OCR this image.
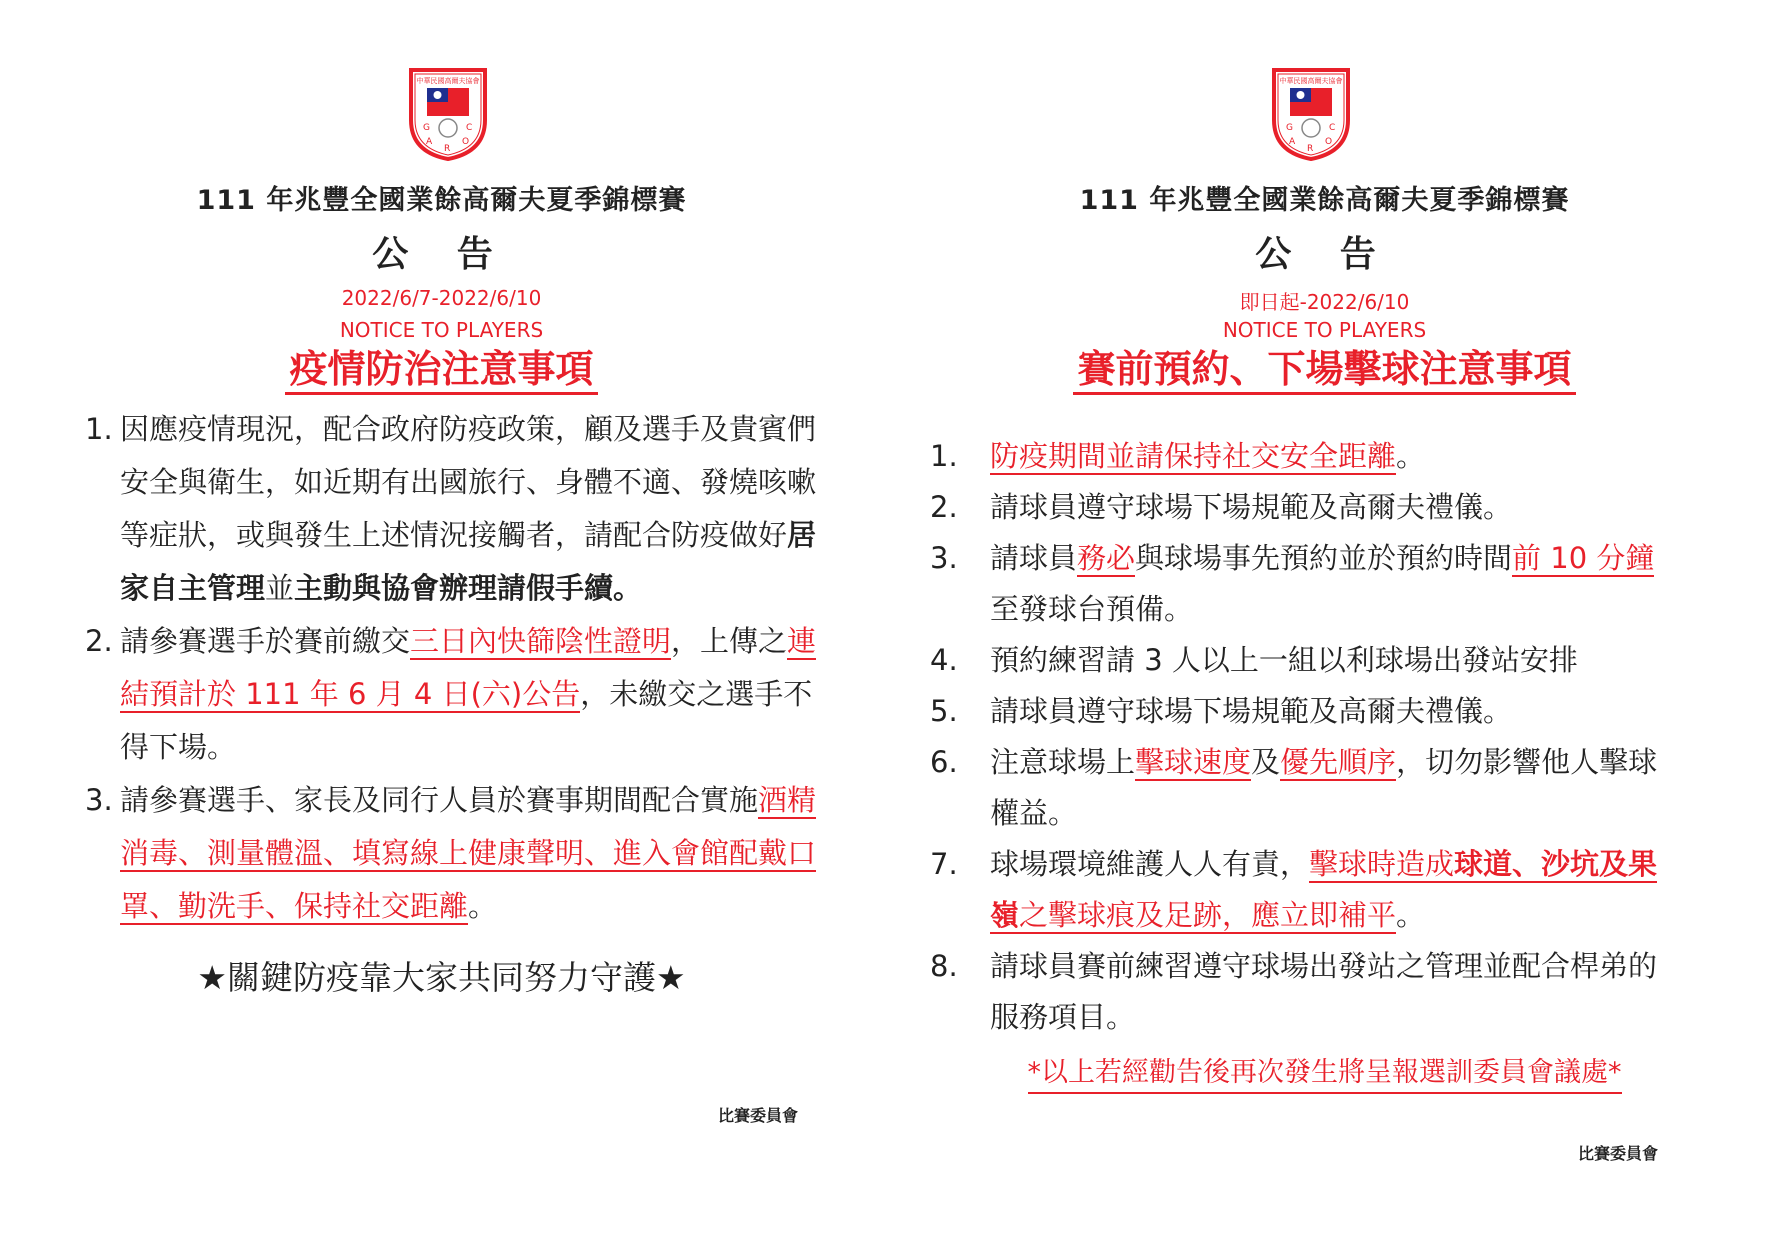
中華民國高爾夫協會
G
A
R
O
C
111 年兆豐全國業餘高爾夫夏季錦標賽
公 告
2022/6/7-2022/6/10
NOTICE TO PLAYERS
疫情防治注意事項
1. 因應疫情現況，配合政府防疫政策，顧及選手及貴賓們安全與衛生，如近期有出國旅行、身體不適、發燒咳嗽等症狀，或與發生上述情況接觸者，請配合防疫做好居家自主管理並主動與協會辦理請假手續。
2. 請參賽選手於賽前繳交三日內快篩陰性證明，上傳之連結預計於 111 年 6 月 4 日(六)公告，未繳交之選手不得下場。
3. 請參賽選手、家長及同行人員於賽事期間配合實施酒精消毒、測量體溫、填寫線上健康聲明、進入會館配戴口罩、勤洗手、保持社交距離。
★關鍵防疫靠大家共同努力守護★
比賽委員會
中華民國高爾夫協會
G
A
R
O
C
111 年兆豐全國業餘高爾夫夏季錦標賽
公 告
即日起-2022/6/10
NOTICE TO PLAYERS
賽前預約、下場擊球注意事項
1. 防疫期間並請保持社交安全距離。
2. 請球員遵守球場下場規範及高爾夫禮儀。
3. 請球員務必與球場事先預約並於預約時間前 10 分鐘至發球台預備。
4. 預約練習請 3 人以上一組以利球場出發站安排
5. 請球員遵守球場下場規範及高爾夫禮儀。
6. 注意球場上擊球速度及優先順序，切勿影響他人擊球權益。
7. 球場環境維護人人有責，擊球時造成球道、沙坑及果嶺之擊球痕及足跡，應立即補平。
8. 請球員賽前練習遵守球場出發站之管理並配合桿弟的服務項目。
*以上若經勸告後再次發生將呈報選訓委員會議處*
比賽委員會
